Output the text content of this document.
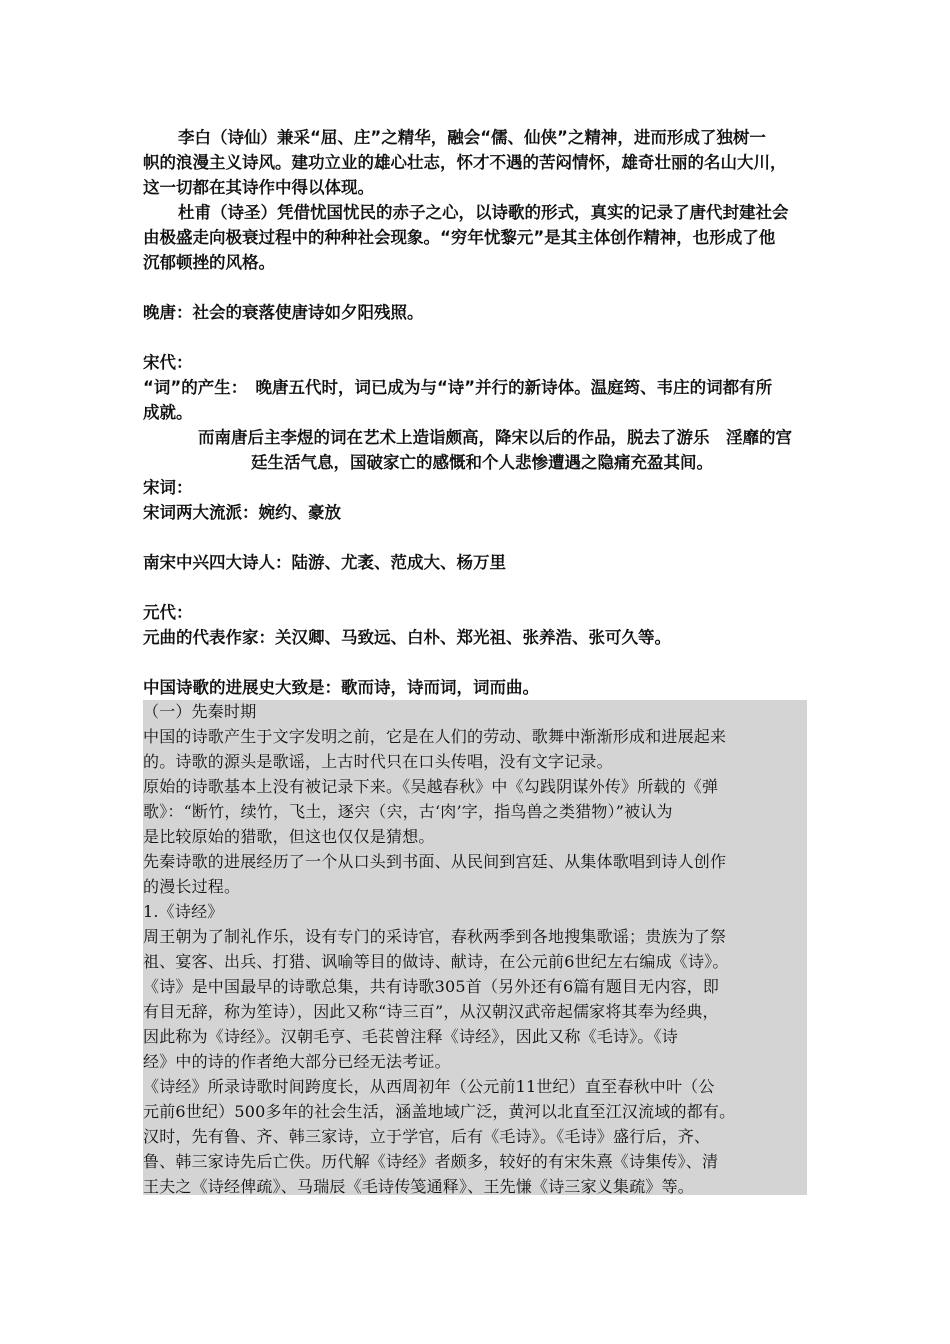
李白（诗仙）兼采“屈、庄”之精华，融会“儒、仙侠”之精神，进而形成了独树一
帜的浪漫主义诗风。建功立业的雄心壮志，怀才不遇的苦闷情怀，雄奇壮丽的名山大川，
这一切都在其诗作中得以体现。
杜甫（诗圣）凭借忧国忧民的赤子之心，以诗歌的形式，真实的记录了唐代封建社会
由极盛走向极衰过程中的种种社会现象。“穷年忧黎元”是其主体创作精神，也形成了他
沉郁顿挫的风格。
晚唐：社会的衰落使唐诗如夕阳残照。
宋代：
“词”的产生：　晚唐五代时，词已成为与“诗”并行的新诗体。温庭筠、韦庄的词都有所
成就。
而南唐后主李煜的词在艺术上造诣颇高，降宋以后的作品，脱去了游乐　淫靡的宫
廷生活气息，国破家亡的感慨和个人悲惨遭遇之隐痛充盈其间。
宋词：
宋词两大流派：婉约、豪放
南宋中兴四大诗人：陆游、尤袤、范成大、杨万里
元代：
元曲的代表作家：关汉卿、马致远、白朴、郑光祖、张养浩、张可久等。
中国诗歌的进展史大致是：歌而诗，诗而词，词而曲。
（一）先秦时期
中国的诗歌产生于文字发明之前，它是在人们的劳动、歌舞中渐渐形成和进展起来
的。诗歌的源头是歌谣，上古时代只在口头传唱，没有文字记录。
原始的诗歌基本上没有被记录下来。《吴越春秋》中《勾践阴谋外传》所载的《弹
歌》：“断竹，续竹，飞土，逐宍（宍，古‘肉’字，指鸟兽之类猎物）”被认为
是比较原始的猎歌，但这也仅仅是猜想。
先秦诗歌的进展经历了一个从口头到书面、从民间到宫廷、从集体歌唱到诗人创作
的漫长过程。
1.《诗经》
周王朝为了制礼作乐，设有专门的采诗官，春秋两季到各地搜集歌谣；贵族为了祭
祖、宴客、出兵、打猎、讽喻等目的做诗、献诗，在公元前6世纪左右编成《诗》。
《诗》是中国最早的诗歌总集，共有诗歌305首（另外还有6篇有题目无内容，即
有目无辞，称为笙诗），因此又称“诗三百”，从汉朝汉武帝起儒家将其奉为经典，
因此称为《诗经》。汉朝毛亨、毛苌曾注释《诗经》，因此又称《毛诗》。《诗
经》中的诗的作者绝大部分已经无法考证。
《诗经》所录诗歌时间跨度长，从西周初年（公元前11世纪）直至春秋中叶（公
元前6世纪）500多年的社会生活，涵盖地域广泛，黄河以北直至江汉流域的都有。
汉时，先有鲁、齐、韩三家诗，立于学官，后有《毛诗》。《毛诗》盛行后，齐、
鲁、韩三家诗先后亡佚。历代解《诗经》者颇多，较好的有宋朱熹《诗集传》、清
王夫之《诗经俾疏》、马瑞辰《毛诗传笺通释》、王先慊《诗三家义集疏》等。
